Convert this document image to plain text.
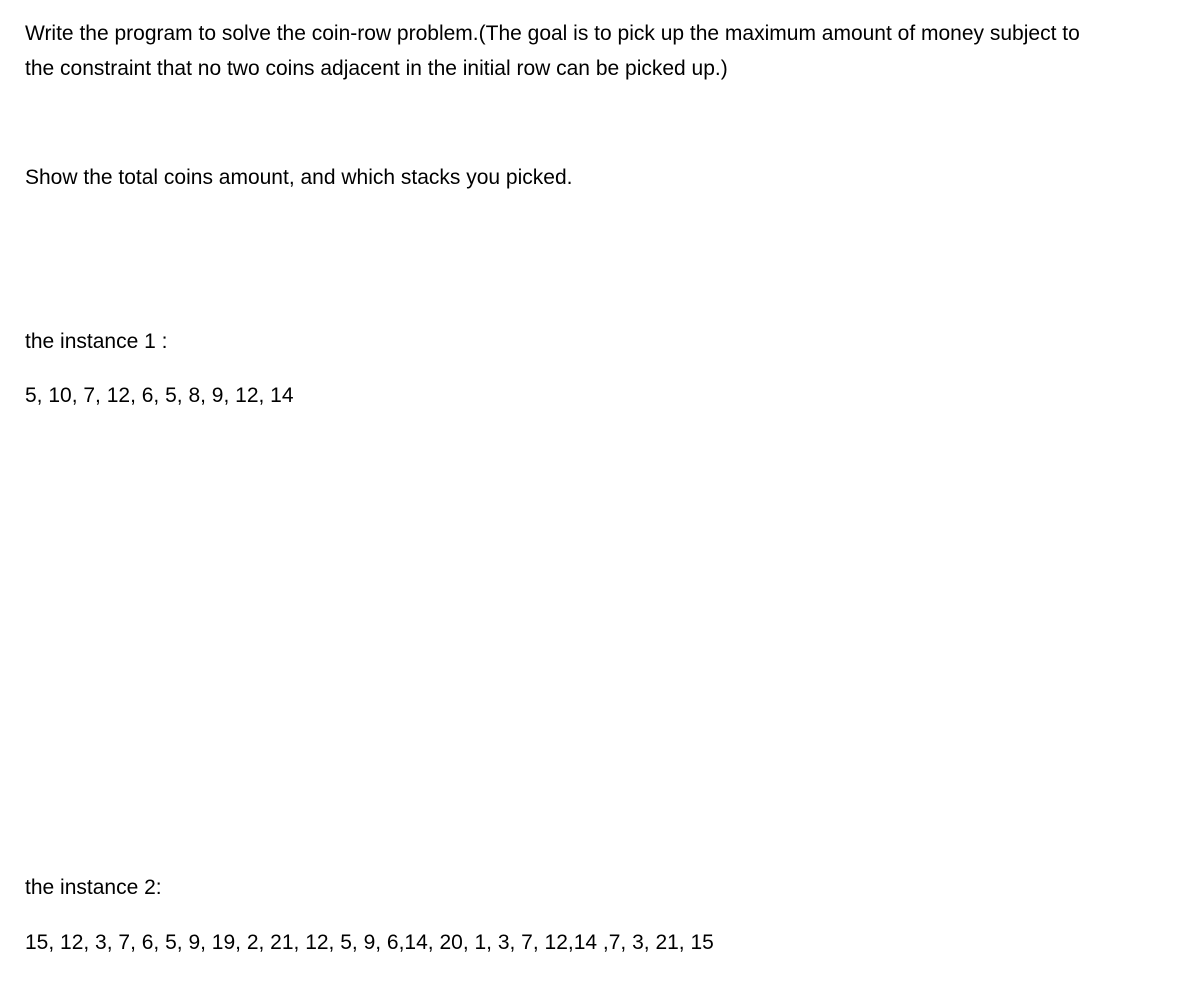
Write the program to solve the coin-row problem.(The goal is to pick up the maximum amount of money subject to

the constraint that no two coins adjacent in the initial row can be picked up.)

Show the total coins amount, and which stacks you picked.

the instance 1 :

5, 10, 7, 12, 6, 5, 8, 9, 12, 14

the instance 2:

15, 12, 3, 7, 6, 5, 9, 19, 2, 21, 12, 5, 9, 6,14, 20, 1, 3, 7, 12,14 ,7, 3, 21, 15
